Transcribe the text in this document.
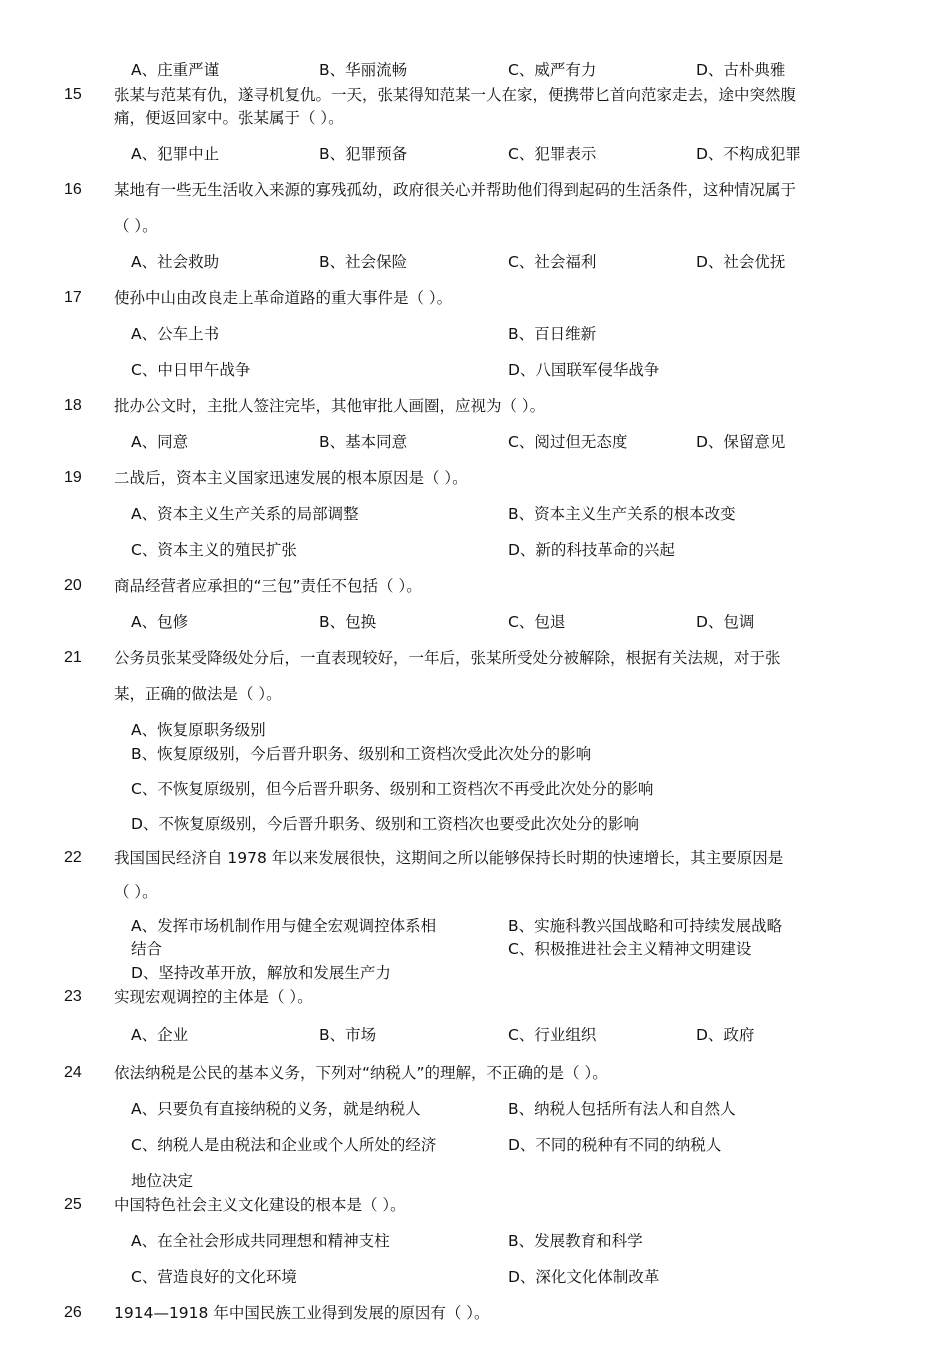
A、庄重严谨	B、华丽流畅	C、威严有力	D、古朴典雅
15 张某与范某有仇，遂寻机复仇。一天，张某得知范某一人在家，便携带匕首向范家走去，途中突然腹
痛，便返回家中。张某属于（ ）。
A、犯罪中止	B、犯罪预备	C、犯罪表示	D、不构成犯罪
16 某地有一些无生活收入来源的寡残孤幼，政府很关心并帮助他们得到起码的生活条件，这种情况属于
（ ）。
A、社会救助	B、社会保险	C、社会福利	D、社会优抚
17 使孙中山由改良走上革命道路的重大事件是（ ）。
A、公车上书	B、百日维新
C、中日甲午战争	D、八国联军侵华战争
18 批办公文时，主批人签注完毕，其他审批人画圈，应视为（ ）。
A、同意	B、基本同意	C、阅过但无态度	D、保留意见
19 二战后，资本主义国家迅速发展的根本原因是（ ）。
A、资本主义生产关系的局部调整	B、资本主义生产关系的根本改变
C、资本主义的殖民扩张	D、新的科技革命的兴起
20 商品经营者应承担的“三包”责任不包括（ ）。
A、包修	B、包换	C、包退	D、包调
21 公务员张某受降级处分后，一直表现较好，一年后，张某所受处分被解除，根据有关法规，对于张
某，正确的做法是（ ）。
A、恢复原职务级别
B、恢复原级别，今后晋升职务、级别和工资档次受此次处分的影响
C、不恢复原级别，但今后晋升职务、级别和工资档次不再受此次处分的影响
D、不恢复原级别，今后晋升职务、级别和工资档次也要受此次处分的影响
22 我国国民经济自 1978 年以来发展很快，这期间之所以能够保持长时期的快速增长，其主要原因是
（ ）。
A、发挥市场机制作用与健全宏观调控体系相
结合
B、实施科教兴国战略和可持续发展战略
C、积极推进社会主义精神文明建设
D、坚持改革开放，解放和发展生产力
23 实现宏观调控的主体是（ ）。
A、企业	B、市场	C、行业组织	D、政府
24 依法纳税是公民的基本义务，下列对“纳税人”的理解，不正确的是（ ）。
A、只要负有直接纳税的义务，就是纳税人	B、纳税人包括所有法人和自然人
C、纳税人是由税法和企业或个人所处的经济	D、不同的税种有不同的纳税人
地位决定
25 中国特色社会主义文化建设的根本是（ ）。
A、在全社会形成共同理想和精神支柱	B、发展教育和科学
C、营造良好的文化环境	D、深化文化体制改革
26 1914—1918 年中国民族工业得到发展的原因有（ ）。
